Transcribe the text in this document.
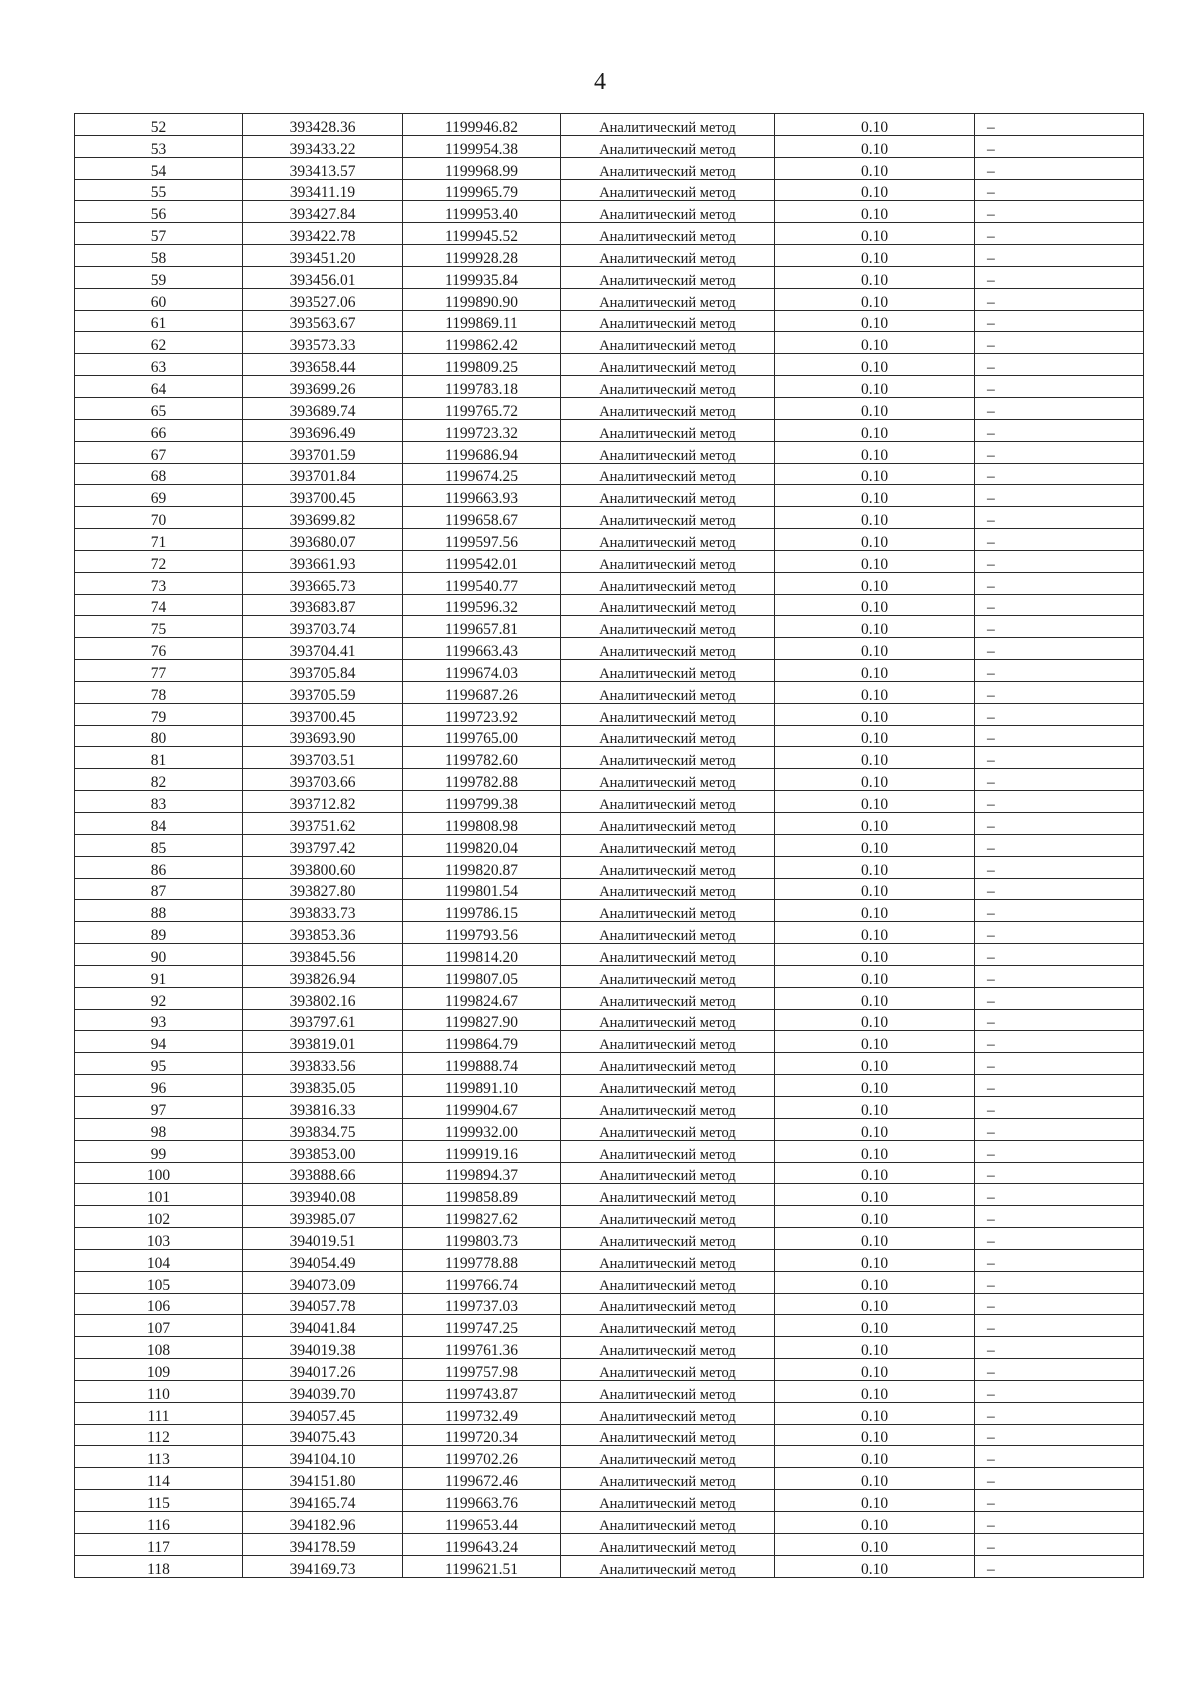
4
52	393428.36	1199946.82	Аналитический метод	0.10	–
53	393433.22	1199954.38	Аналитический метод	0.10	–
54	393413.57	1199968.99	Аналитический метод	0.10	–
55	393411.19	1199965.79	Аналитический метод	0.10	–
56	393427.84	1199953.40	Аналитический метод	0.10	–
57	393422.78	1199945.52	Аналитический метод	0.10	–
58	393451.20	1199928.28	Аналитический метод	0.10	–
59	393456.01	1199935.84	Аналитический метод	0.10	–
60	393527.06	1199890.90	Аналитический метод	0.10	–
61	393563.67	1199869.11	Аналитический метод	0.10	–
62	393573.33	1199862.42	Аналитический метод	0.10	–
63	393658.44	1199809.25	Аналитический метод	0.10	–
64	393699.26	1199783.18	Аналитический метод	0.10	–
65	393689.74	1199765.72	Аналитический метод	0.10	–
66	393696.49	1199723.32	Аналитический метод	0.10	–
67	393701.59	1199686.94	Аналитический метод	0.10	–
68	393701.84	1199674.25	Аналитический метод	0.10	–
69	393700.45	1199663.93	Аналитический метод	0.10	–
70	393699.82	1199658.67	Аналитический метод	0.10	–
71	393680.07	1199597.56	Аналитический метод	0.10	–
72	393661.93	1199542.01	Аналитический метод	0.10	–
73	393665.73	1199540.77	Аналитический метод	0.10	–
74	393683.87	1199596.32	Аналитический метод	0.10	–
75	393703.74	1199657.81	Аналитический метод	0.10	–
76	393704.41	1199663.43	Аналитический метод	0.10	–
77	393705.84	1199674.03	Аналитический метод	0.10	–
78	393705.59	1199687.26	Аналитический метод	0.10	–
79	393700.45	1199723.92	Аналитический метод	0.10	–
80	393693.90	1199765.00	Аналитический метод	0.10	–
81	393703.51	1199782.60	Аналитический метод	0.10	–
82	393703.66	1199782.88	Аналитический метод	0.10	–
83	393712.82	1199799.38	Аналитический метод	0.10	–
84	393751.62	1199808.98	Аналитический метод	0.10	–
85	393797.42	1199820.04	Аналитический метод	0.10	–
86	393800.60	1199820.87	Аналитический метод	0.10	–
87	393827.80	1199801.54	Аналитический метод	0.10	–
88	393833.73	1199786.15	Аналитический метод	0.10	–
89	393853.36	1199793.56	Аналитический метод	0.10	–
90	393845.56	1199814.20	Аналитический метод	0.10	–
91	393826.94	1199807.05	Аналитический метод	0.10	–
92	393802.16	1199824.67	Аналитический метод	0.10	–
93	393797.61	1199827.90	Аналитический метод	0.10	–
94	393819.01	1199864.79	Аналитический метод	0.10	–
95	393833.56	1199888.74	Аналитический метод	0.10	–
96	393835.05	1199891.10	Аналитический метод	0.10	–
97	393816.33	1199904.67	Аналитический метод	0.10	–
98	393834.75	1199932.00	Аналитический метод	0.10	–
99	393853.00	1199919.16	Аналитический метод	0.10	–
100	393888.66	1199894.37	Аналитический метод	0.10	–
101	393940.08	1199858.89	Аналитический метод	0.10	–
102	393985.07	1199827.62	Аналитический метод	0.10	–
103	394019.51	1199803.73	Аналитический метод	0.10	–
104	394054.49	1199778.88	Аналитический метод	0.10	–
105	394073.09	1199766.74	Аналитический метод	0.10	–
106	394057.78	1199737.03	Аналитический метод	0.10	–
107	394041.84	1199747.25	Аналитический метод	0.10	–
108	394019.38	1199761.36	Аналитический метод	0.10	–
109	394017.26	1199757.98	Аналитический метод	0.10	–
110	394039.70	1199743.87	Аналитический метод	0.10	–
111	394057.45	1199732.49	Аналитический метод	0.10	–
112	394075.43	1199720.34	Аналитический метод	0.10	–
113	394104.10	1199702.26	Аналитический метод	0.10	–
114	394151.80	1199672.46	Аналитический метод	0.10	–
115	394165.74	1199663.76	Аналитический метод	0.10	–
116	394182.96	1199653.44	Аналитический метод	0.10	–
117	394178.59	1199643.24	Аналитический метод	0.10	–
118	394169.73	1199621.51	Аналитический метод	0.10	–
